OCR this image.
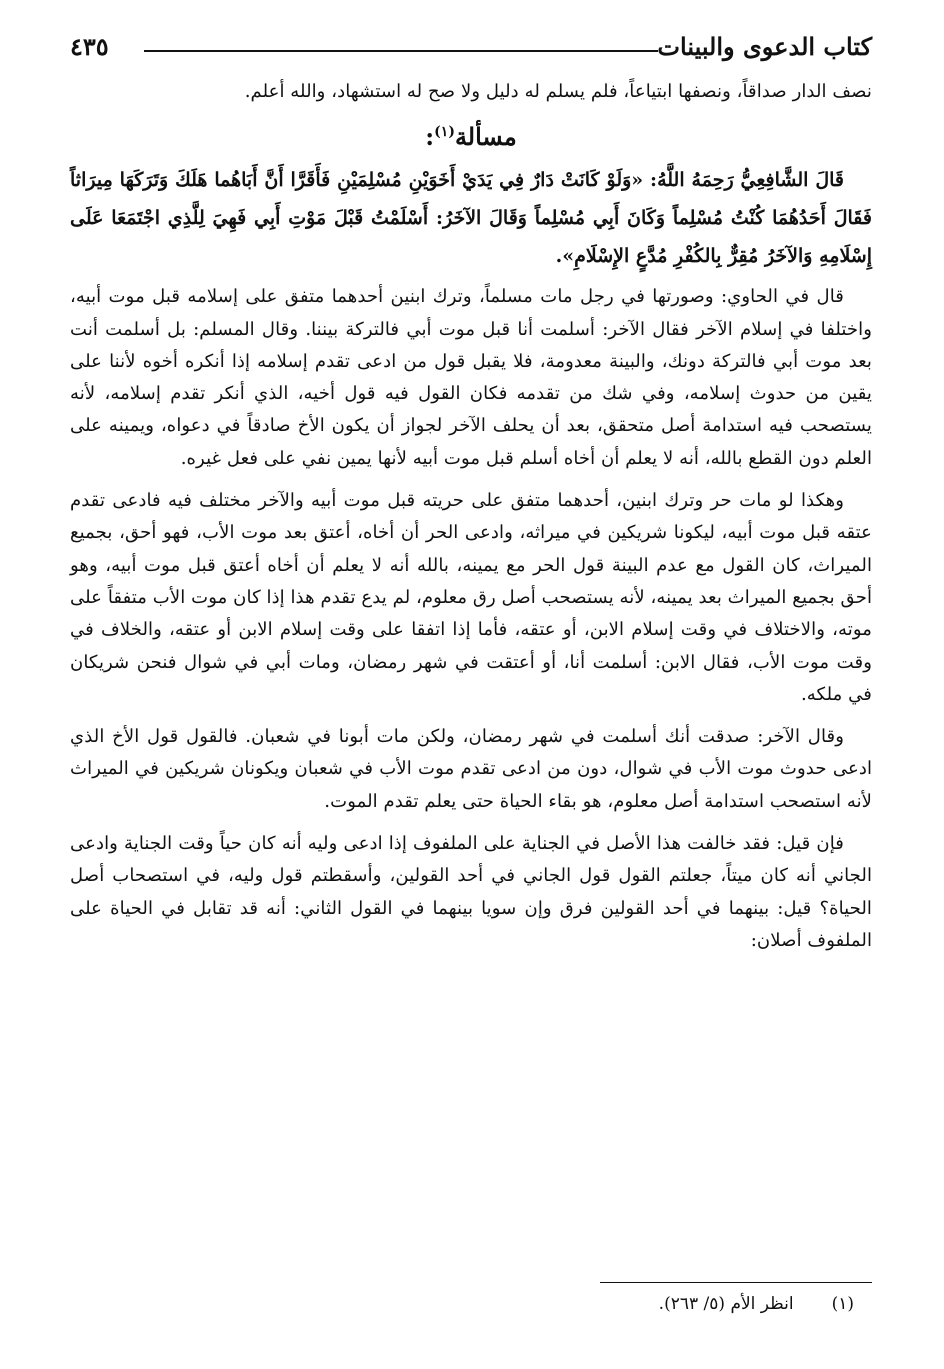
كتاب الدعوى والبينات
٤٣٥

نصف الدار صداقاً، ونصفها ابتياعاً، فلم يسلم له دليل ولا صح له استشهاد، والله أعلم.

مسألة$^{(١)}$:

قَالَ الشَّافِعِيُّ رَحِمَهُ اللَّهُ: «وَلَوْ كَانَتْ دَارٌ فِي يَدَيْ أَخَوَيْنِ مُسْلِمَيْنِ فَأَقَرَّا أَنَّ أَبَاهُما هَلَكَ وَتَرَكَهَا مِيرَاثاً فَقَالَ أَحَدُهُمَا كُنْتُ مُسْلِماً وَكَانَ أَبِي مُسْلِماً وَقَالَ الآخَرُ: أَسْلَمْتُ قَبْلَ مَوْتِ أَبِي فَهِيَ لِلَّذِي اجْتَمَعَا عَلَى إِسْلَامِهِ وَالآخَرُ مُقِرٌّ بِالكُفْرِ مُدَّعٍ الإِسْلَامِ».

قال في الحاوي: وصورتها في رجل مات مسلماً، وترك ابنين أحدهما متفق على إسلامه قبل موت أبيه، واختلفا في إسلام الآخر فقال الآخر: أسلمت أنا قبل موت أبي فالتركة بيننا. وقال المسلم: بل أسلمت أنت بعد موت أبي فالتركة دونك، والبينة معدومة، فلا يقبل قول من ادعى تقدم إسلامه إذا أنكره أخوه لأننا على يقين من حدوث إسلامه، وفي شك من تقدمه فكان القول فيه قول أخيه، الذي أنكر تقدم إسلامه، لأنه يستصحب فيه استدامة أصل متحقق، بعد أن يحلف الآخر لجواز أن يكون الأخ صادقاً في دعواه، ويمينه على العلم دون القطع بالله، أنه لا يعلم أن أخاه أسلم قبل موت أبيه لأنها يمين نفي على فعل غيره.

وهكذا لو مات حر وترك ابنين، أحدهما متفق على حريته قبل موت أبيه والآخر مختلف فيه فادعى تقدم عتقه قبل موت أبيه، ليكونا شريكين في ميراثه، وادعى الحر أن أخاه، أعتق بعد موت الأب، فهو أحق، بجميع الميراث، كان القول مع عدم البينة قول الحر مع يمينه، بالله أنه لا يعلم أن أخاه أعتق قبل موت أبيه، وهو أحق بجميع الميراث بعد يمينه، لأنه يستصحب أصل رق معلوم، لم يدع تقدم هذا إذا كان موت الأب متفقاً على موته، والاختلاف في وقت إسلام الابن، أو عتقه، فأما إذا اتفقا على وقت إسلام الابن أو عتقه، والخلاف في وقت موت الأب، فقال الابن: أسلمت أنا، أو أعتقت في شهر رمضان، ومات أبي في شوال فنحن شريكان في ملكه.

وقال الآخر: صدقت أنك أسلمت في شهر رمضان، ولكن مات أبونا في شعبان. فالقول قول الأخ الذي ادعى حدوث موت الأب في شوال، دون من ادعى تقدم موت الأب في شعبان ويكونان شريكين في الميراث لأنه استصحب استدامة أصل معلوم، هو بقاء الحياة حتى يعلم تقدم الموت.

فإن قيل: فقد خالفت هذا الأصل في الجناية على الملفوف إذا ادعى وليه أنه كان حياً وقت الجناية وادعى الجاني أنه كان ميتاً، جعلتم القول قول الجاني في أحد القولين، وأسقطتم قول وليه، في استصحاب أصل الحياة؟ قيل: بينهما في أحد القولين فرق وإن سويا بينهما في القول الثاني: أنه قد تقابل في الحياة على الملفوف أصلان:

(١)انظر الأم (٥/ ٢٦٣).
